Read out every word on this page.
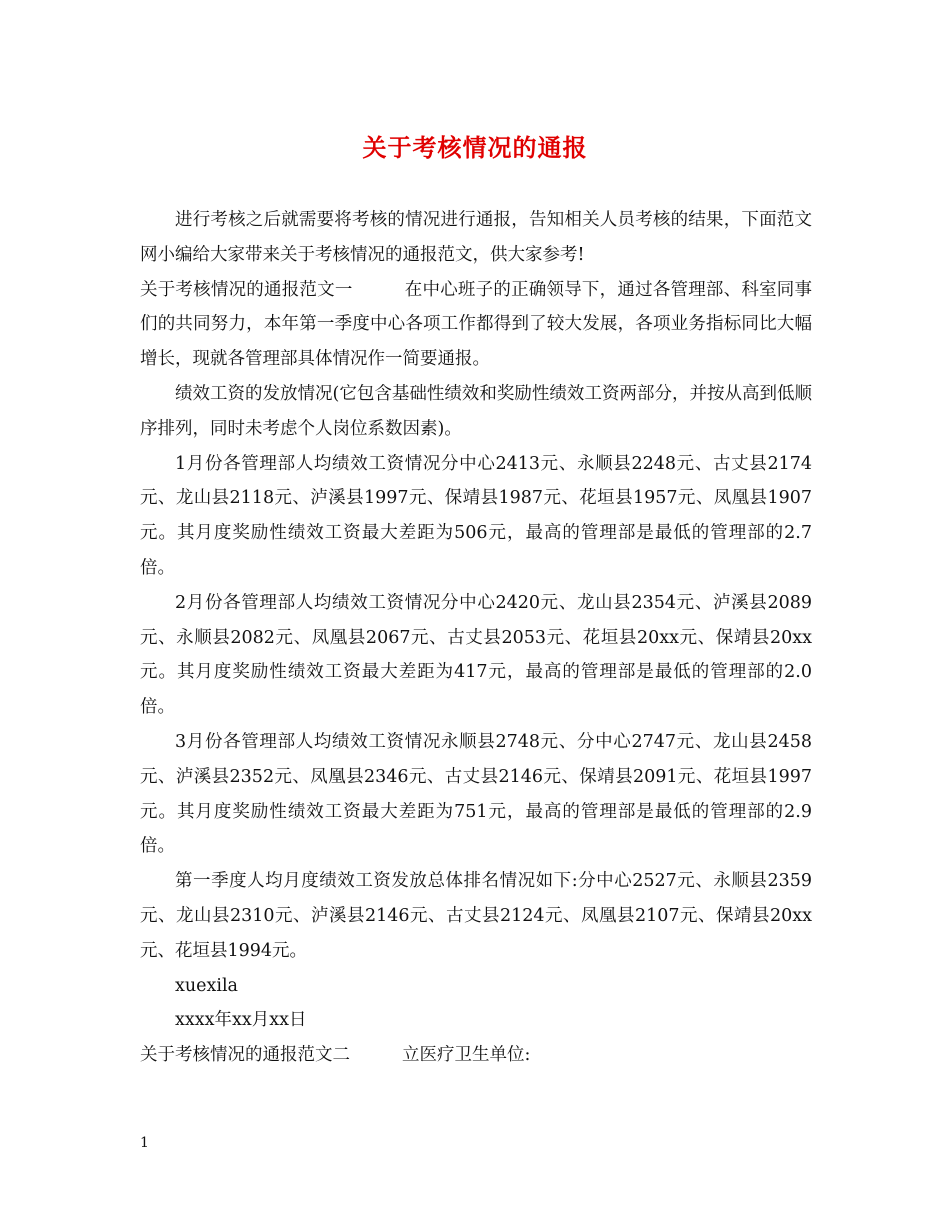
关于考核情况的通报

进行考核之后就需要将考核的情况进行通报，告知相关人员考核的结果，下面范文网小编给大家带来关于考核情况的通报范文，供大家参考!

关于考核情况的通报范文一	在中心班子的正确领导下，通过各管理部、科室同事们的共同努力，本年第一季度中心各项工作都得到了较大发展，各项业务指标同比大幅增长，现就各管理部具体情况作一简要通报。

绩效工资的发放情况(它包含基础性绩效和奖励性绩效工资两部分，并按从高到低顺序排列，同时未考虑个人岗位系数因素)。

1月份各管理部人均绩效工资情况分中心2413元、永顺县2248元、古丈县2174元、龙山县2118元、泸溪县1997元、保靖县1987元、花垣县1957元、凤凰县1907元。其月度奖励性绩效工资最大差距为506元，最高的管理部是最低的管理部的2.7倍。

2月份各管理部人均绩效工资情况分中心2420元、龙山县2354元、泸溪县2089元、永顺县2082元、凤凰县2067元、古丈县2053元、花垣县20xx元、保靖县20xx元。其月度奖励性绩效工资最大差距为417元，最高的管理部是最低的管理部的2.0倍。

3月份各管理部人均绩效工资情况永顺县2748元、分中心2747元、龙山县2458元、泸溪县2352元、凤凰县2346元、古丈县2146元、保靖县2091元、花垣县1997元。其月度奖励性绩效工资最大差距为751元，最高的管理部是最低的管理部的2.9倍。

第一季度人均月度绩效工资发放总体排名情况如下:分中心2527元、永顺县2359元、龙山县2310元、泸溪县2146元、古丈县2124元、凤凰县2107元、保靖县20xx元、花垣县1994元。

xuexila

xxxx年xx月xx日

关于考核情况的通报范文二	立医疗卫生单位:

1
